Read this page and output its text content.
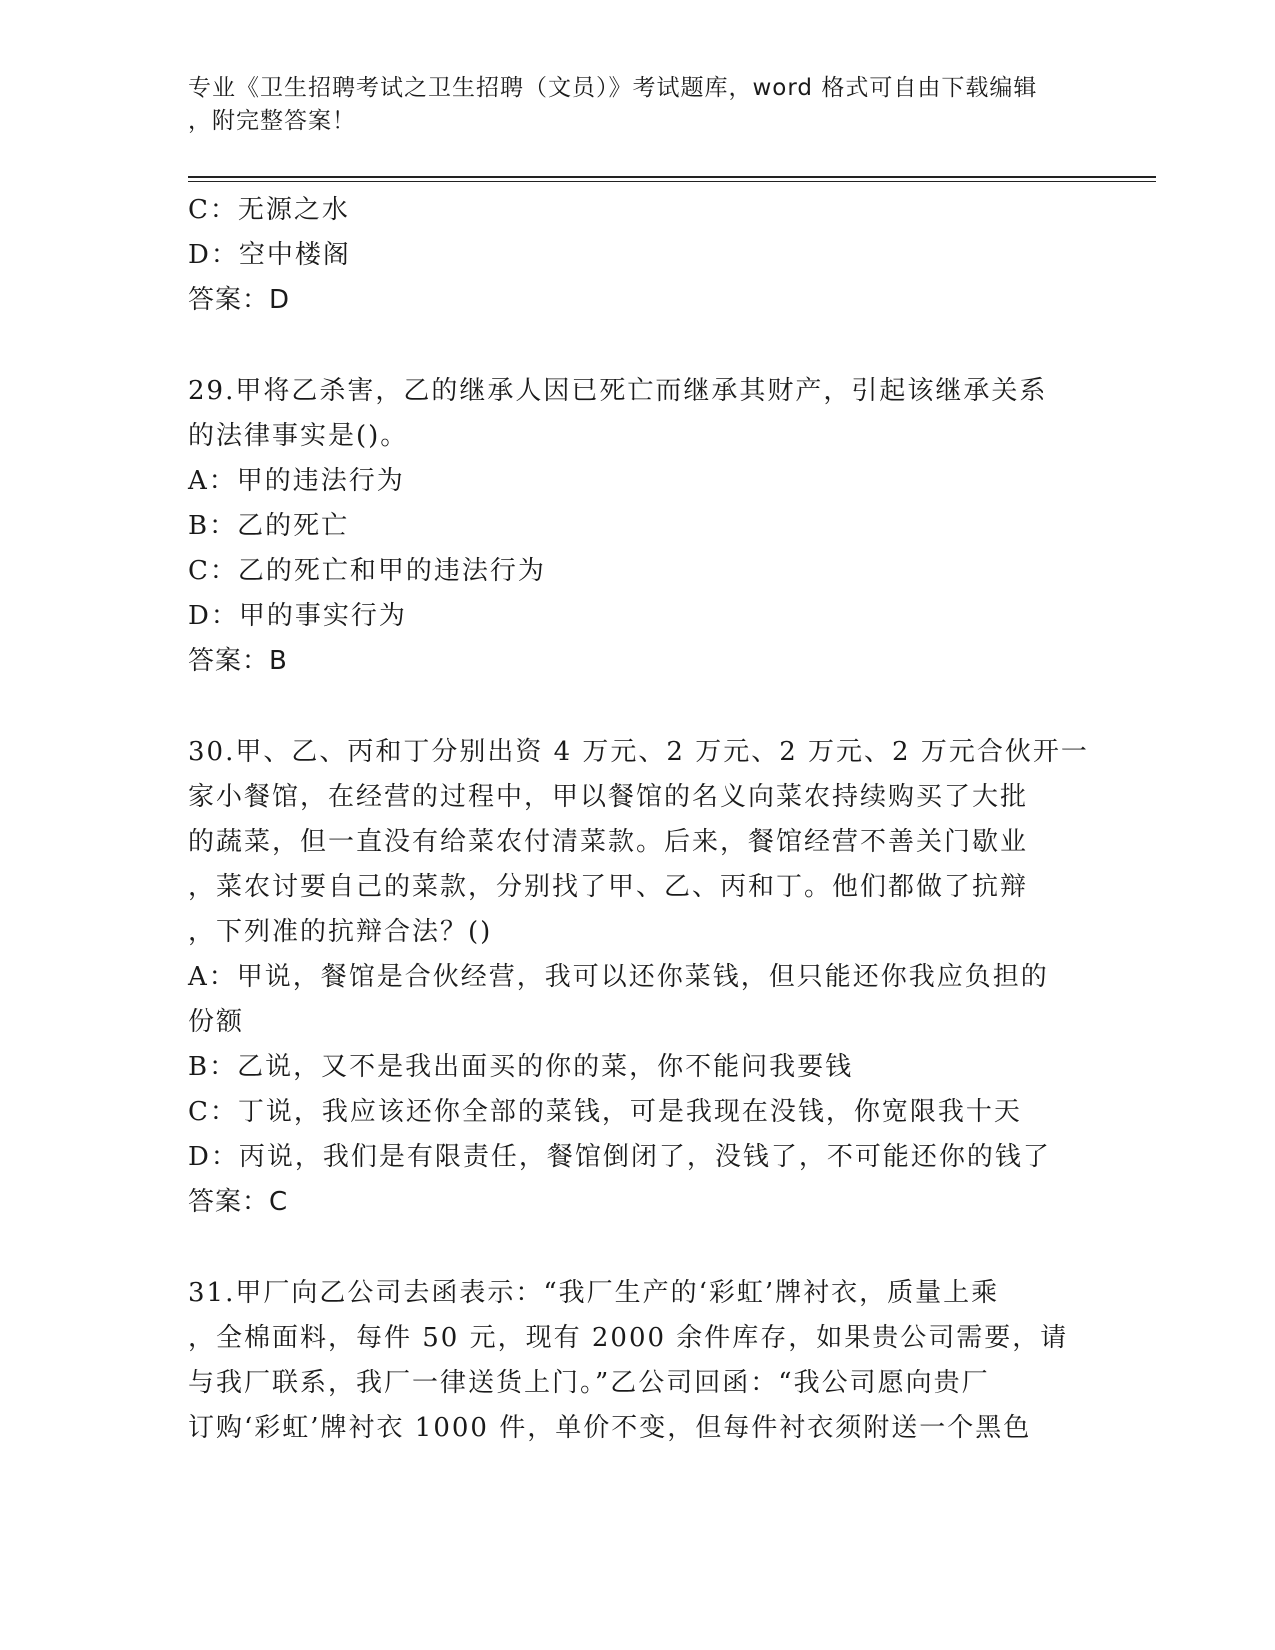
专业《卫生招聘考试之卫生招聘（文员）》考试题库，word 格式可自由下载编辑
，附完整答案！
C：无源之水
D：空中楼阁
答案：D
29.甲将乙杀害，乙的继承人因已死亡而继承其财产，引起该继承关系
的法律事实是()。
A：甲的违法行为
B：乙的死亡
C：乙的死亡和甲的违法行为
D：甲的事实行为
答案：B
30.甲、乙、丙和丁分别出资 4 万元、2 万元、2 万元、2 万元合伙开一
家小餐馆，在经营的过程中，甲以餐馆的名义向菜农持续购买了大批
的蔬菜，但一直没有给菜农付清菜款。后来，餐馆经营不善关门歇业
，菜农讨要自己的菜款，分别找了甲、乙、丙和丁。他们都做了抗辩
，下列准的抗辩合法？()
A：甲说，餐馆是合伙经营，我可以还你菜钱，但只能还你我应负担的
份额
B：乙说，又不是我出面买的你的菜，你不能问我要钱
C：丁说，我应该还你全部的菜钱，可是我现在没钱，你宽限我十天
D：丙说，我们是有限责任，餐馆倒闭了，没钱了，不可能还你的钱了
答案：C
31.甲厂向乙公司去函表示：“我厂生产的‘彩虹’牌衬衣，质量上乘
，全棉面料，每件 50 元，现有 2000 余件库存，如果贵公司需要，请
与我厂联系，我厂一律送货上门。”乙公司回函：“我公司愿向贵厂
订购‘彩虹’牌衬衣 1000 件，单价不变，但每件衬衣须附送一个黑色
